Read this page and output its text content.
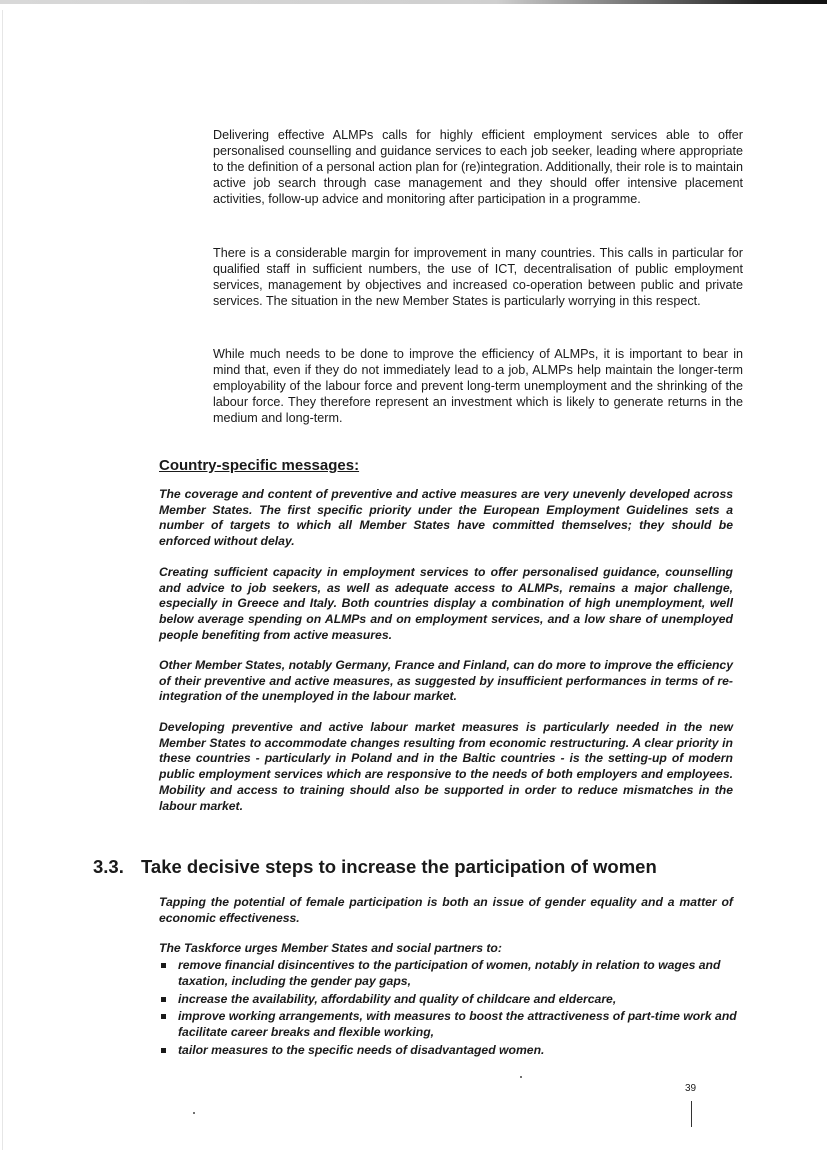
Delivering effective ALMPs calls for highly efficient employment services able to offer personalised counselling and guidance services to each job seeker, leading where appropriate to the definition of a personal action plan for (re)integration. Additionally, their role is to maintain active job search through case management and they should offer intensive placement activities, follow-up advice and monitoring after participation in a programme.

There is a considerable margin for improvement in many countries. This calls in particular for qualified staff in sufficient numbers, the use of ICT, decentralisation of public employment services, management by objectives and increased co-operation between public and private services. The situation in the new Member States is particularly worrying in this respect.

While much needs to be done to improve the efficiency of ALMPs, it is important to bear in mind that, even if they do not immediately lead to a job, ALMPs help maintain the longer-term employability of the labour force and prevent long-term unemployment and the shrinking of the labour force. They therefore represent an investment which is likely to generate returns in the medium and long-term.

Country-specific messages:

The coverage and content of preventive and active measures are very unevenly developed across Member States. The first specific priority under the European Employment Guidelines sets a number of targets to which all Member States have committed themselves; they should be enforced without delay.

Creating sufficient capacity in employment services to offer personalised guidance, counselling and advice to job seekers, as well as adequate access to ALMPs, remains a major challenge, especially in Greece and Italy. Both countries display a combination of high unemployment, well below average spending on ALMPs and on employment services, and a low share of unemployed people benefiting from active measures.

Other Member States, notably Germany, France and Finland, can do more to improve the efficiency of their preventive and active measures, as suggested by insufficient performances in terms of re-integration of the unemployed in the labour market.

Developing preventive and active labour market measures is particularly needed in the new Member States to accommodate changes resulting from economic restructuring. A clear priority in these countries - particularly in Poland and in the Baltic countries - is the setting-up of modern public employment services which are responsive to the needs of both employers and employees. Mobility and access to training should also be supported in order to reduce mismatches in the labour market.

3.3. Take decisive steps to increase the participation of women

Tapping the potential of female participation is both an issue of gender equality and a matter of economic effectiveness.

The Taskforce urges Member States and social partners to:

remove financial disincentives to the participation of women, notably in relation to wages and taxation, including the gender pay gaps,
increase the availability, affordability and quality of childcare and eldercare,
improve working arrangements, with measures to boost the attractiveness of part-time work and facilitate career breaks and flexible working,
tailor measures to the specific needs of disadvantaged women.

39
